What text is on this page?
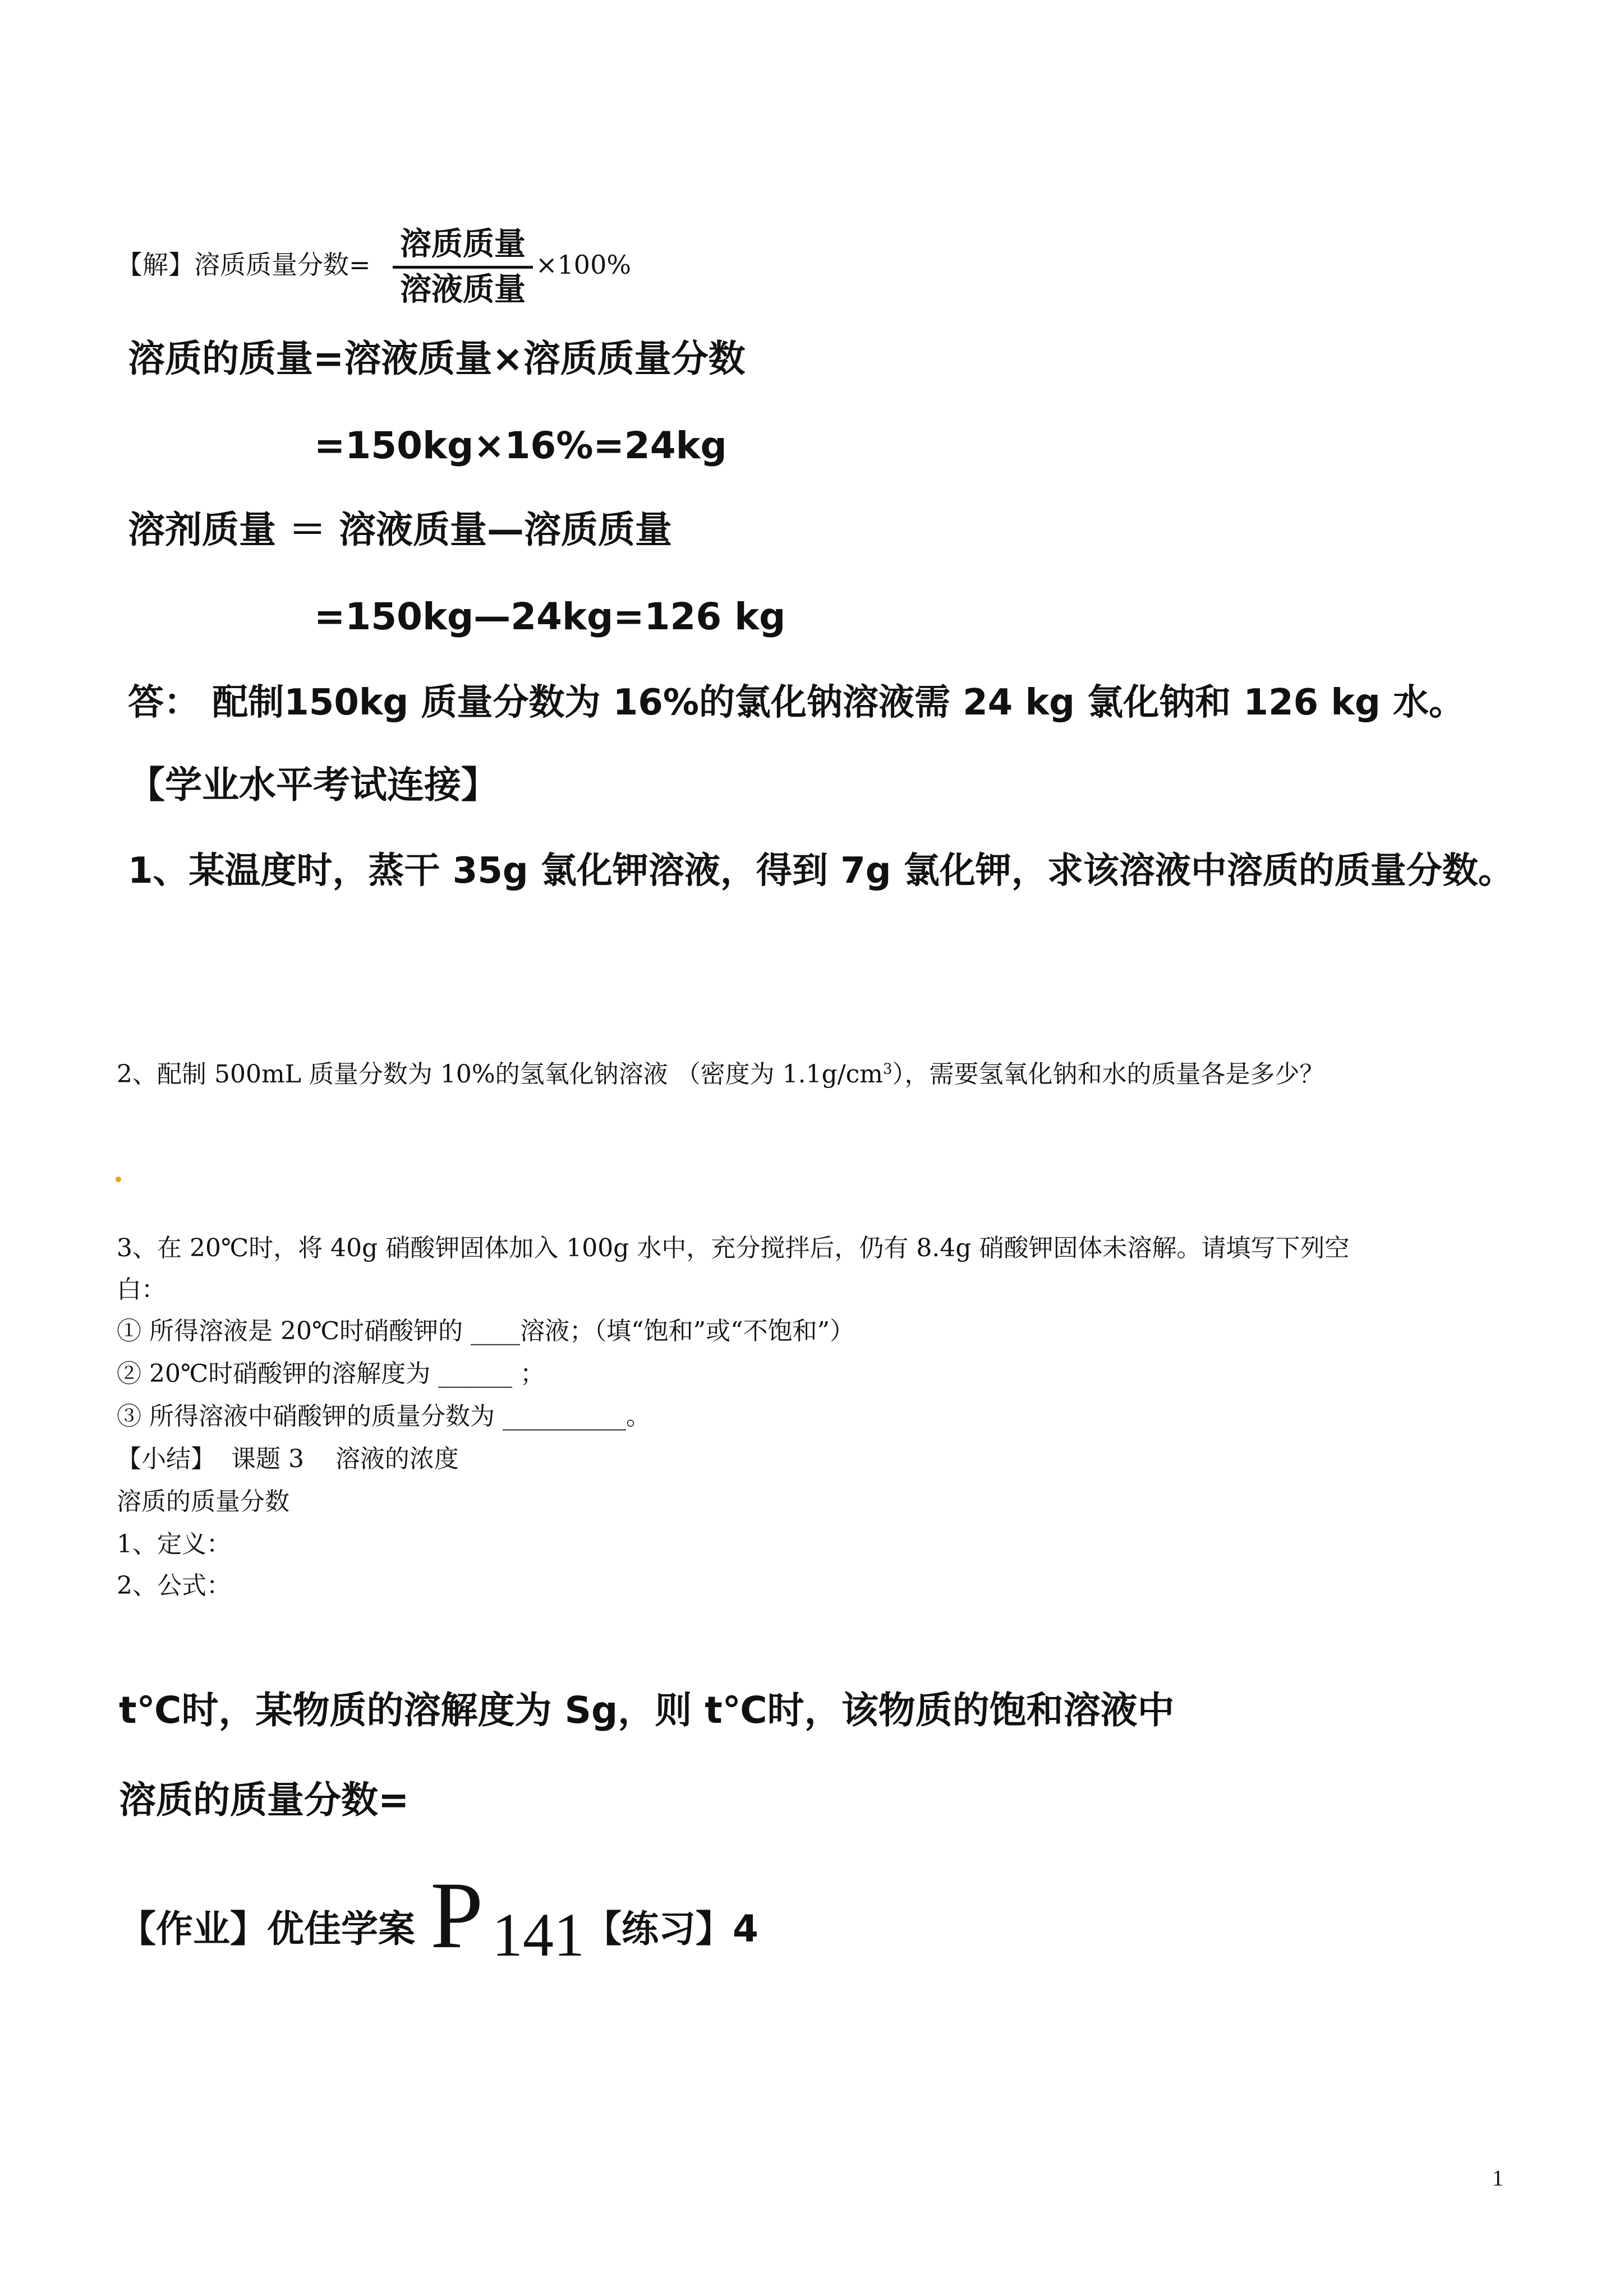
【解】溶质质量分数=
溶质质量
溶液质量
×100%
溶质的质量=溶液质量×溶质质量分数
=150kg×16%=24kg
溶剂质量 ＝ 溶液质量—溶质质量
=150kg—24kg=126 kg
答： 配制150kg 质量分数为 16%的氯化钠溶液需 24 kg 氯化钠和 126 kg 水。
【学业水平考试连接】
1、某温度时，蒸干 35g 氯化钾溶液，得到 7g 氯化钾，求该溶液中溶质的质量分数。
2、配制 500mL 质量分数为 10%的氢氧化钠溶液 （密度为 $1.1g/cm^3$），需要氢氧化钠和水的质量各是多少？
3、在 20℃时，将 40g 硝酸钾固体加入 100g 水中，充分搅拌后，仍有 8.4g 硝酸钾固体未溶解。请填写下列空
白：
① 所得溶液是 20℃时硝酸钾的 ____溶液；（填“饱和”或“不饱和”）
② 20℃时硝酸钾的溶解度为 ______ ；
③ 所得溶液中硝酸钾的质量分数为 __________。
【小结】  课题 3    溶液的浓度
溶质的质量分数
1、定义：
2、公式：
t℃时，某物质的溶解度为 Sg，则 t℃时，该物质的饱和溶液中
溶质的质量分数=
【作业】优佳学案 P 141 【练习】4
1
